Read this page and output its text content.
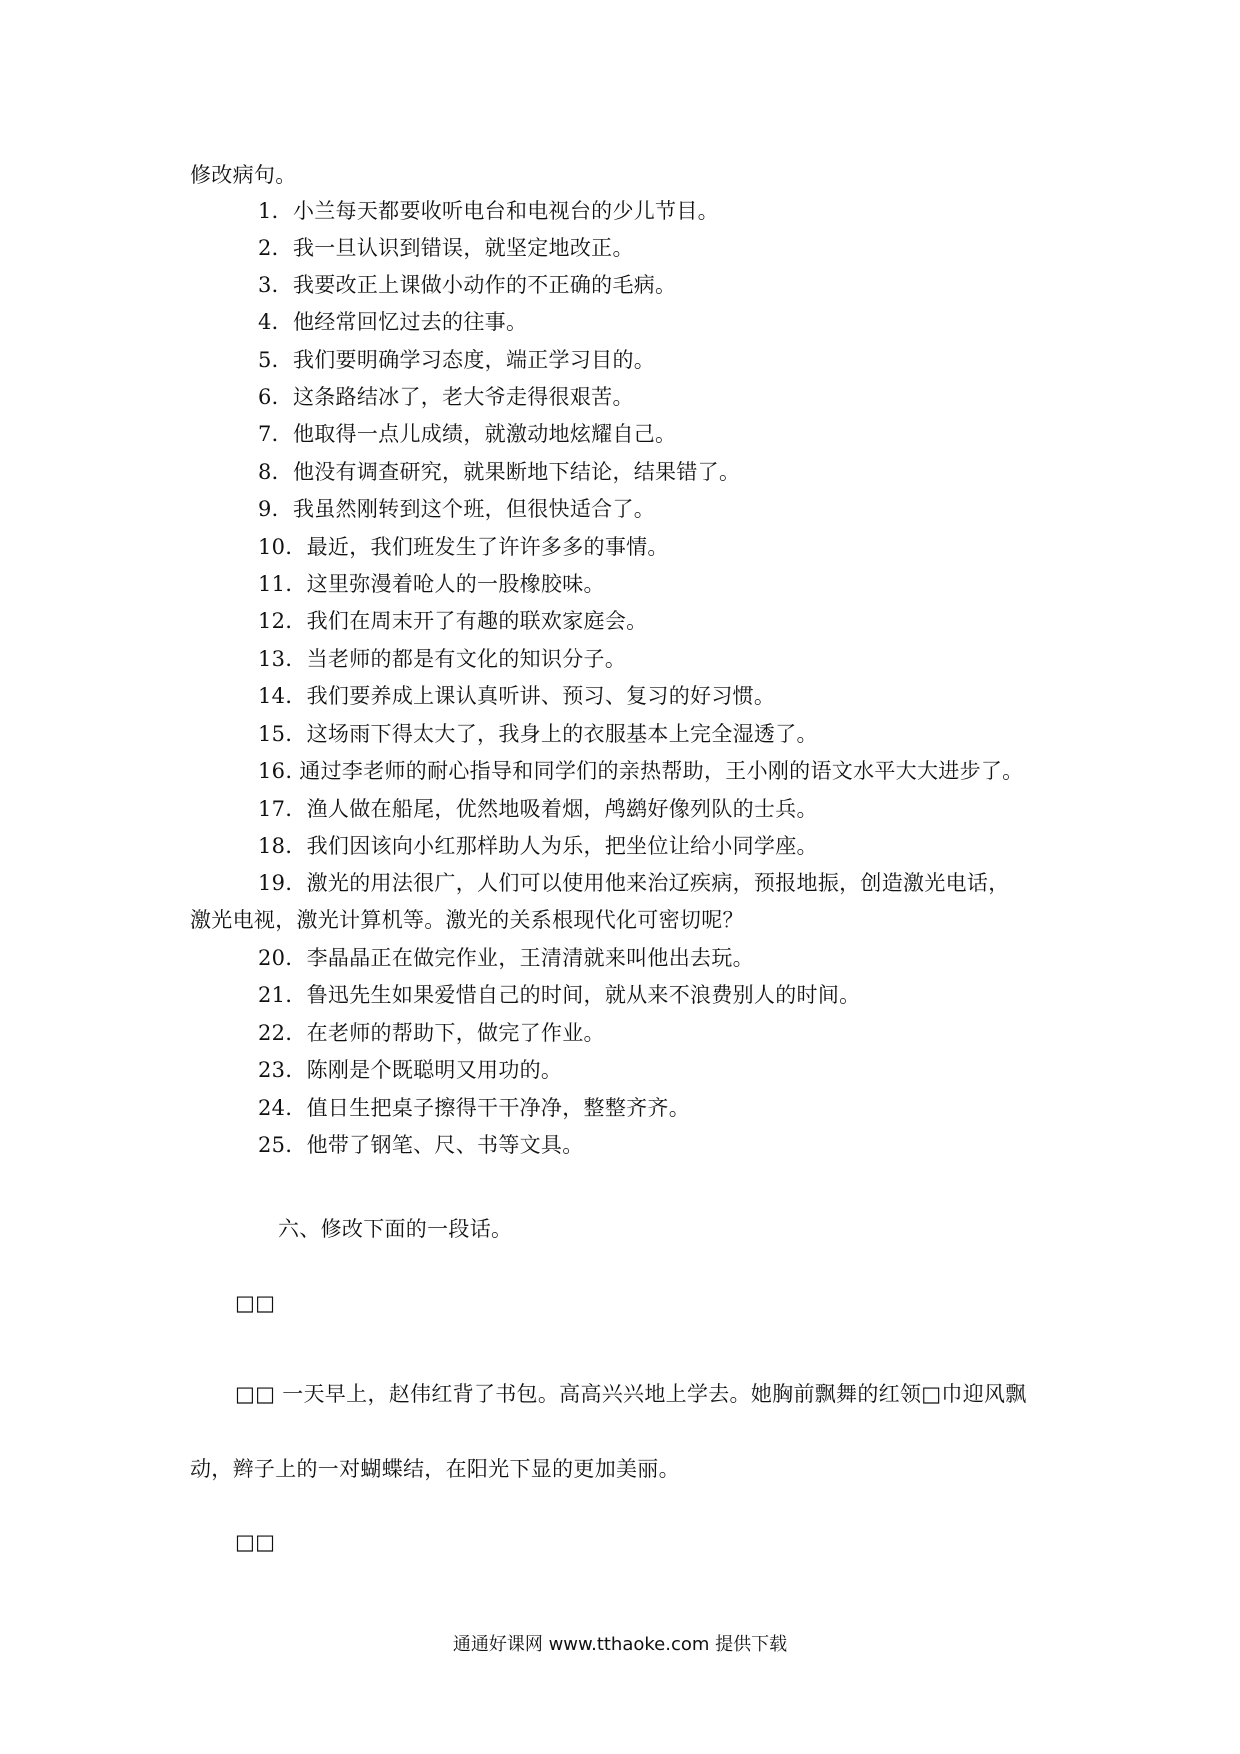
修改病句。
1．小兰每天都要收听电台和电视台的少儿节目。
2．我一旦认识到错误，就坚定地改正。
3．我要改正上课做小动作的不正确的毛病。
4．他经常回忆过去的往事。
5．我们要明确学习态度，端正学习目的。
6．这条路结冰了，老大爷走得很艰苦。
7．他取得一点儿成绩，就激动地炫耀自己。
8．他没有调查研究，就果断地下结论，结果错了。
9．我虽然刚转到这个班，但很快适合了。
10．最近，我们班发生了许许多多的事情。
11．这里弥漫着呛人的一股橡胶味。
12．我们在周末开了有趣的联欢家庭会。
13．当老师的都是有文化的知识分子。
14．我们要养成上课认真听讲、预习、复习的好习惯。
15．这场雨下得太大了，我身上的衣服基本上完全湿透了。
16. 通过李老师的耐心指导和同学们的亲热帮助，王小刚的语文水平大大进步了。
17．渔人做在船尾，优然地吸着烟，鸬鹚好像列队的士兵。
18．我们因该向小红那样助人为乐，把坐位让给小同学座。
19．激光的用法很广，人们可以使用他来治辽疾病，预报地振，创造激光电话，
激光电视，激光计算机等。激光的关系根现代化可密切呢？
20．李晶晶正在做完作业，王清清就来叫他出去玩。
21．鲁迅先生如果爱惜自己的时间，就从来不浪费别人的时间。
22．在老师的帮助下，做完了作业。
23．陈刚是个既聪明又用功的。
24．值日生把桌子擦得干干净净，整整齐齐。
25．他带了钢笔、尺、书等文具。
六、修改下面的一段话。
□□
□□ 一天早上，赵伟红背了书包。高高兴兴地上学去。她胸前飘舞的红领□巾迎风飘
动，辫子上的一对蝴蝶结，在阳光下显的更加美丽。
□□
通通好课网 www.tthaoke.com 提供下载
